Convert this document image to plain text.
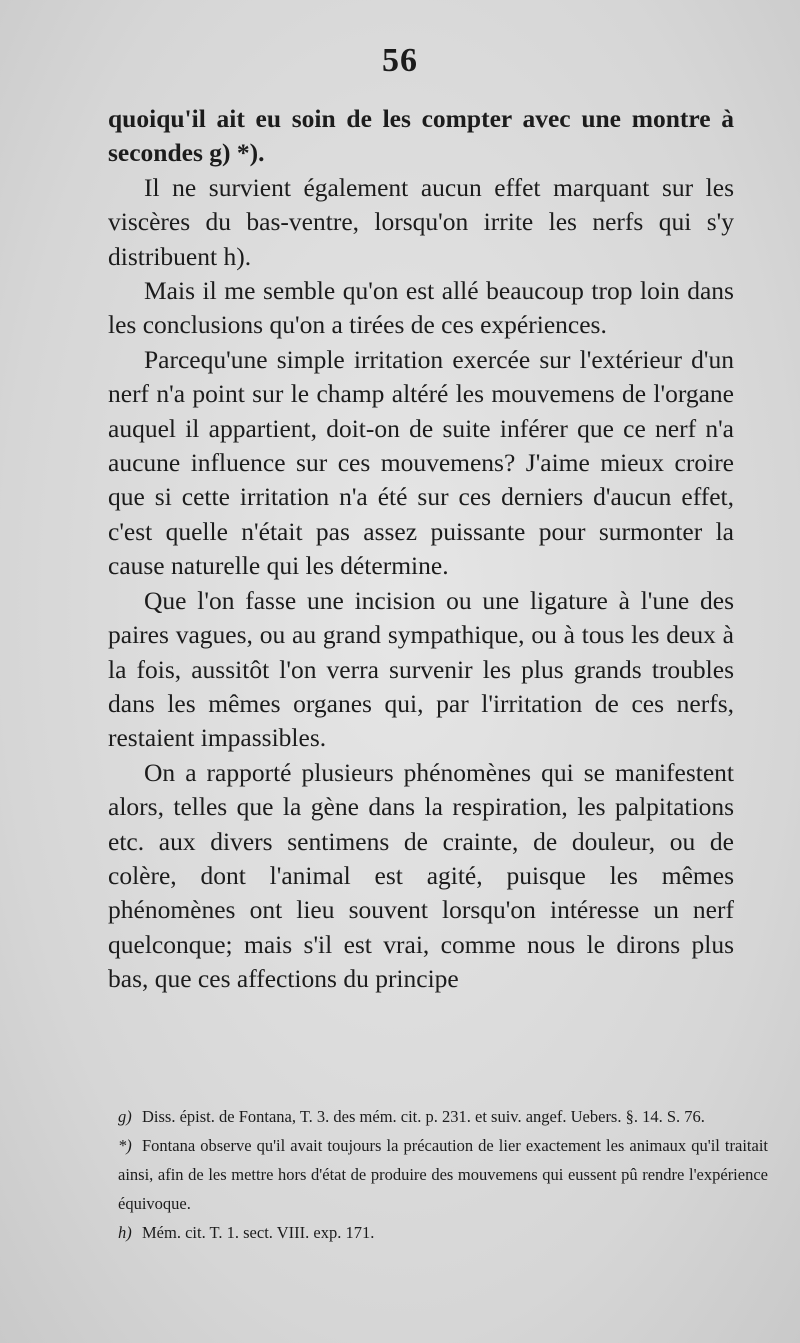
56

quoiqu'il ait eu soin de les compter avec une montre à secondes g) *).

Il ne survient également aucun effet marquant sur les viscères du bas-ventre, lorsqu'on irrite les nerfs qui s'y distribuent h).

Mais il me semble qu'on est allé beaucoup trop loin dans les conclusions qu'on a tirées de ces expériences.

Parcequ'une simple irritation exercée sur l'extérieur d'un nerf n'a point sur le champ altéré les mouvemens de l'organe auquel il appartient, doit-on de suite inférer que ce nerf n'a aucune influence sur ces mouvemens? J'aime mieux croire que si cette irritation n'a été sur ces derniers d'aucun effet, c'est quelle n'était pas assez puissante pour surmonter la cause naturelle qui les détermine.

Que l'on fasse une incision ou une ligature à l'une des paires vagues, ou au grand sympathique, ou à tous les deux à la fois, aussitôt l'on verra survenir les plus grands troubles dans les mêmes organes qui, par l'irritation de ces nerfs, restaient impassibles.

On a rapporté plusieurs phénomènes qui se manifestent alors, telles que la gène dans la respiration, les palpitations etc. aux divers sentimens de crainte, de douleur, ou de colère, dont l'animal est agité, puisque les mêmes phénomènes ont lieu souvent lorsqu'on intéresse un nerf quelconque; mais s'il est vrai, comme nous le dirons plus bas, que ces affections du principe

g) Diss. épist. de Fontana, T. 3. des mém. cit. p. 231. et suiv. angef. Uebers. §. 14. S. 76.

*) Fontana observe qu'il avait toujours la précaution de lier exactement les animaux qu'il traitait ainsi, afin de les mettre hors d'état de produire des mouvemens qui eussent pû rendre l'expérience équivoque.

h) Mém. cit. T. 1. sect. VIII. exp. 171.
